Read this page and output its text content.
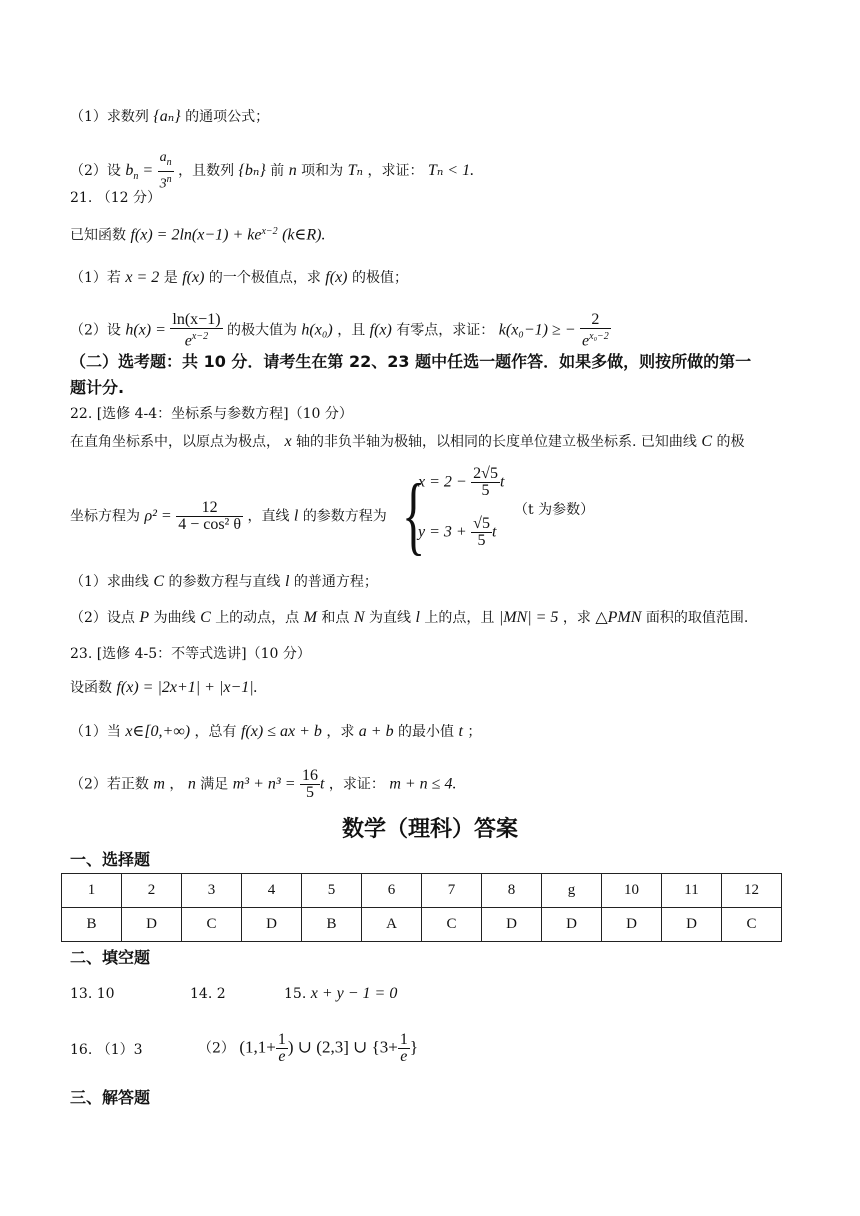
（1）求数列 {aₙ} 的通项公式；
（2）设 $b_n = \frac{a_n}{3^n}$ ，且数列 {bₙ} 前 n 项和为 Tₙ ，求证： Tₙ < 1.
21. （12 分）
已知函数 $f(x) = 2\ln(x-1) + ke^{x-2}$ (k∈R).
（1）若 x = 2 是 f(x) 的一个极值点，求 f(x) 的极值；
（2）设 $h(x) = \frac{\ln(x-1)}{e^{x-2}}$ 的极大值为 h(x₀) ，且 f(x) 有零点，求证： k(x₀−1) ≥ − $\frac{2}{e^{x_0-2}}$
（二）选考题：共 10 分．请考生在第 22、23 题中任选一题作答．如果多做，则按所做的第一
题计分.
22. [选修 4-4：坐标系与参数方程]（10 分）
在直角坐标系中，以原点为极点， x 轴的非负半轴为极轴，以相同的长度单位建立极坐标系. 已知曲线 C 的极
坐标方程为 $\rho^2 = \frac{12}{\text{4 − cos² θ}}$ ，直线 l 的参数方程为 {
$x = 2 - \frac{2√5}{5}$ t
$y = 3 + \frac{√5}{5}$ t
（t 为参数）
（1）求曲线 C 的参数方程与直线 l 的普通方程；
（2）设点 P 为曲线 C 上的动点，点 M 和点 N 为直线 l 上的点，且 |MN| = 5 ，求 △PMN 面积的取值范围.
23. [选修 4-5：不等式选讲]（10 分）
设函数 f(x) = |2x+1| + |x−1|.
（1）当 x∈[0,+∞) ，总有 f(x) ≤ ax + b ，求 a + b 的最小值 t ；
（2）若正数 m ， n 满足 $m^3 + n^3 = \frac{16}{5}$ t ，求证： m + n ≤ 4.
数学（理科）答案
一、选择题
1	2	3	4	5	6	7	8	g	10	11	12
B	D	C	D	B	A	C	D	D	D	D	C
二、填空题
13. 10	14. 2	15. x + y − 1 = 0
16. （1）3	（2） ($1,1+ \frac{1}{e}$ ) ∪ (2,3] ∪ {$3+ \frac{1}{e}$ }
三、解答题
